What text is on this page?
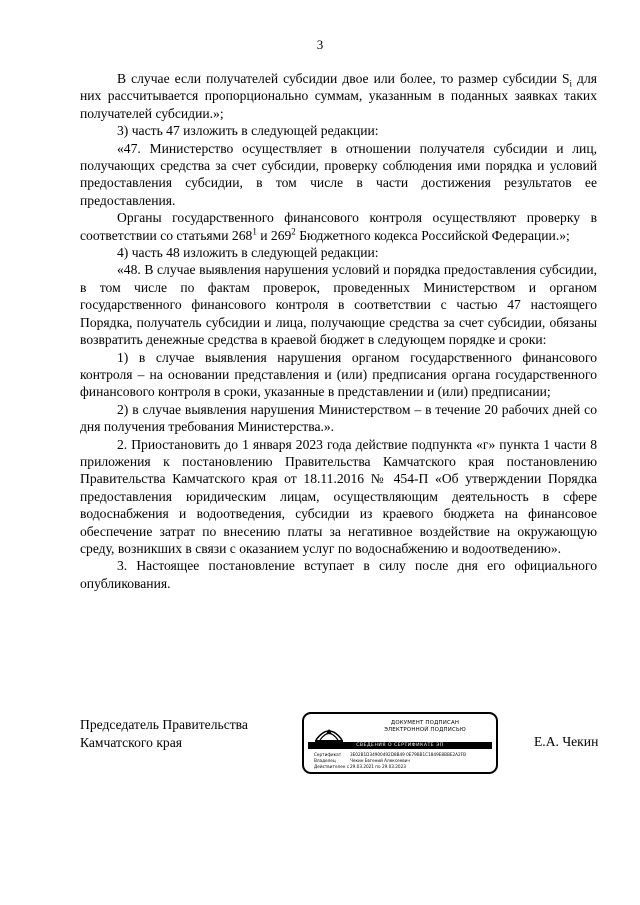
3

В случае если получателей субсидии двое или более, то размер субсидии $S_i$ для них рассчитывается пропорционально суммам, указанным в поданных заявках таких получателей субсидии.»;

3) часть 47 изложить в следующей редакции:

«47. Министерство осуществляет в отношении получателя субсидии и лиц, получающих средства за счет субсидии, проверку соблюдения ими порядка и условий предоставления субсидии, в том числе в части достижения результатов ее предоставления.

Органы государственного финансового контроля осуществляют проверку в соответствии со статьями $268^1$ и $269^2$ Бюджетного кодекса Российской Федерации.»;

4) часть 48 изложить в следующей редакции:

«48. В случае выявления нарушения условий и порядка предоставления субсидии, в том числе по фактам проверок, проведенных Министерством и органом государственного финансового контроля в соответствии с частью 47 настоящего Порядка, получатель субсидии и лица, получающие средства за счет субсидии, обязаны возвратить денежные средства в краевой бюджет в следующем порядке и сроки:

1) в случае выявления нарушения органом государственного финансового контроля – на основании представления и (или) предписания органа государственного финансового контроля в сроки, указанные в представлении и (или) предписании;

2) в случае выявления нарушения Министерством – в течение 20 рабочих дней со дня получения требования Министерства.».

2. Приостановить до 1 января 2023 года действие подпункта «г» пункта 1 части 8 приложения к постановлению Правительства Камчатского края постановлению Правительства Камчатского края от 18.11.2016 № 454-П «Об утверждении Порядка предоставления юридическим лицам, осуществляющим деятельность в сфере водоснабжения и водоотведения, субсидии из краевого бюджета на финансовое обеспечение затрат по внесению платы за негативное воздействие на окружающую среду, возникших в связи с оказанием услуг по водоснабжению и водоотведению».

3. Настоящее постановление вступает в силу после дня его официального опубликования.

Председатель Правительства
Камчатского края
ДОКУМЕНТ ПОДПИСАН
ЭЛЕКТРОННОЙ ПОДПИСЬЮ
СВЕДЕНИЯ О СЕРТИФИКАТЕ ЭП
Сертификат 3E02B1D34900492D8B49 0E79BB1C1849E8BBE2A2FB
Владелец	Чекин Евгений Алексеевич
Действителен с29.03.2021 по 29.03.2023
Е.А. Чекин
